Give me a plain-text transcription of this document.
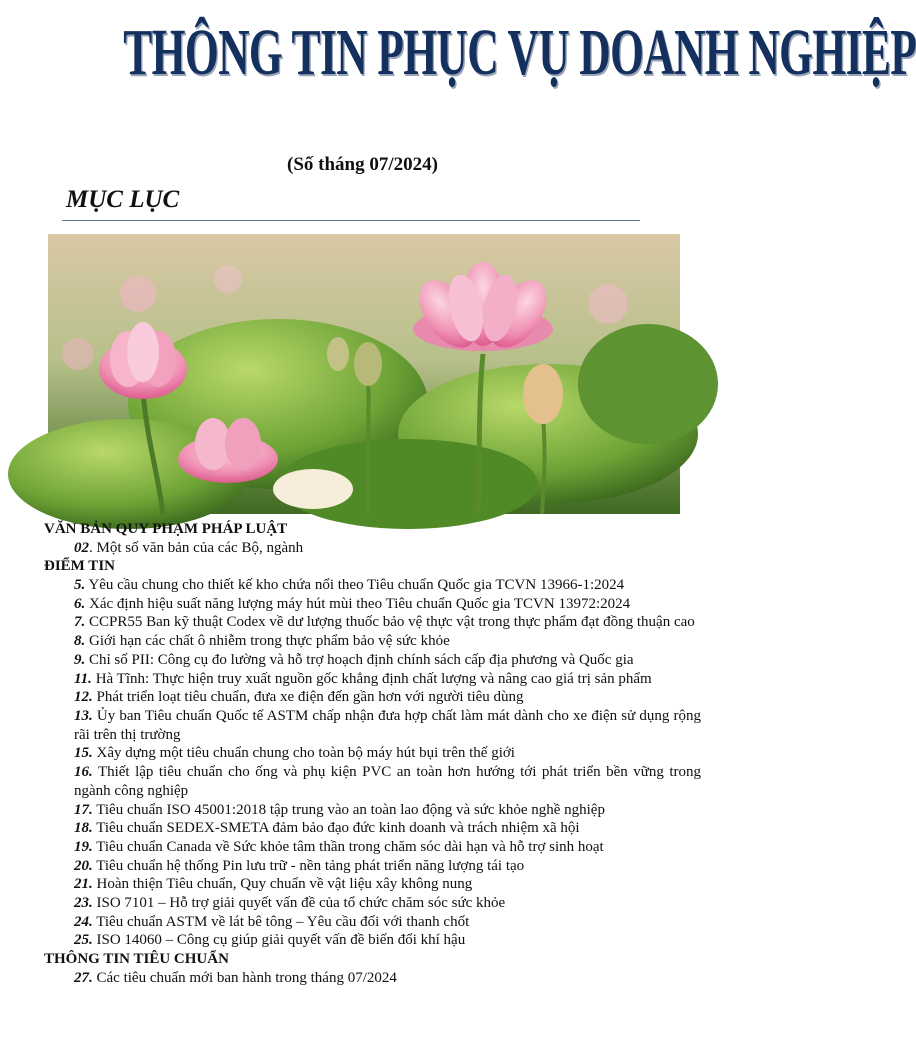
THÔNG TIN PHỤC VỤ DOANH NGHIỆP
(Số tháng 07/2024)
MỤC LỤC
VĂN BẢN QUY PHẠM PHÁP LUẬT
02. Một số văn bản của các Bộ, ngành
ĐIỂM TIN
5. Yêu cầu chung cho thiết kế kho chứa nổi theo Tiêu chuẩn Quốc gia TCVN 13966-1:2024
6. Xác định hiệu suất năng lượng máy hút mùi theo Tiêu chuẩn Quốc gia TCVN 13972:2024
7. CCPR55 Ban kỹ thuật Codex về dư lượng thuốc bảo vệ thực vật trong thực phẩm đạt đồng thuận cao
8. Giới hạn các chất ô nhiễm trong thực phẩm bảo vệ sức khỏe
9. Chỉ số PII: Công cụ đo lường và hỗ trợ hoạch định chính sách cấp địa phương và Quốc gia
11. Hà Tĩnh: Thực hiện truy xuất nguồn gốc khẳng định chất lượng và nâng cao giá trị sản phẩm
12. Phát triển loạt tiêu chuẩn, đưa xe điện đến gần hơn với người tiêu dùng
13. Ủy ban Tiêu chuẩn Quốc tế ASTM chấp nhận đưa hợp chất làm mát dành cho xe điện sử dụng rộng rãi trên thị trường
15. Xây dựng một tiêu chuẩn chung cho toàn bộ máy hút bụi trên thế giới
16. Thiết lập tiêu chuẩn cho ống và phụ kiện PVC an toàn hơn hướng tới phát triển bền vững trong ngành công nghiệp
17. Tiêu chuẩn ISO 45001:2018 tập trung vào an toàn lao động và sức khỏe nghề nghiệp
18. Tiêu chuẩn SEDEX-SMETA đảm bảo đạo đức kinh doanh và trách nhiệm xã hội
19. Tiêu chuẩn Canada về Sức khỏe tâm thần trong chăm sóc dài hạn và hỗ trợ sinh hoạt
20. Tiêu chuẩn hệ thống Pin lưu trữ - nền tảng phát triển năng lượng tái tạo
21. Hoàn thiện Tiêu chuẩn, Quy chuẩn về vật liệu xây không nung
23. ISO 7101 – Hỗ trợ giải quyết vấn đề của tổ chức chăm sóc sức khỏe
24. Tiêu chuẩn ASTM về lát bê tông – Yêu cầu đối với thanh chốt
25. ISO 14060 – Công cụ giúp giải quyết vấn đề biến đổi khí hậu
THÔNG TIN TIÊU CHUẨN
27. Các tiêu chuẩn mới ban hành trong tháng 07/2024
